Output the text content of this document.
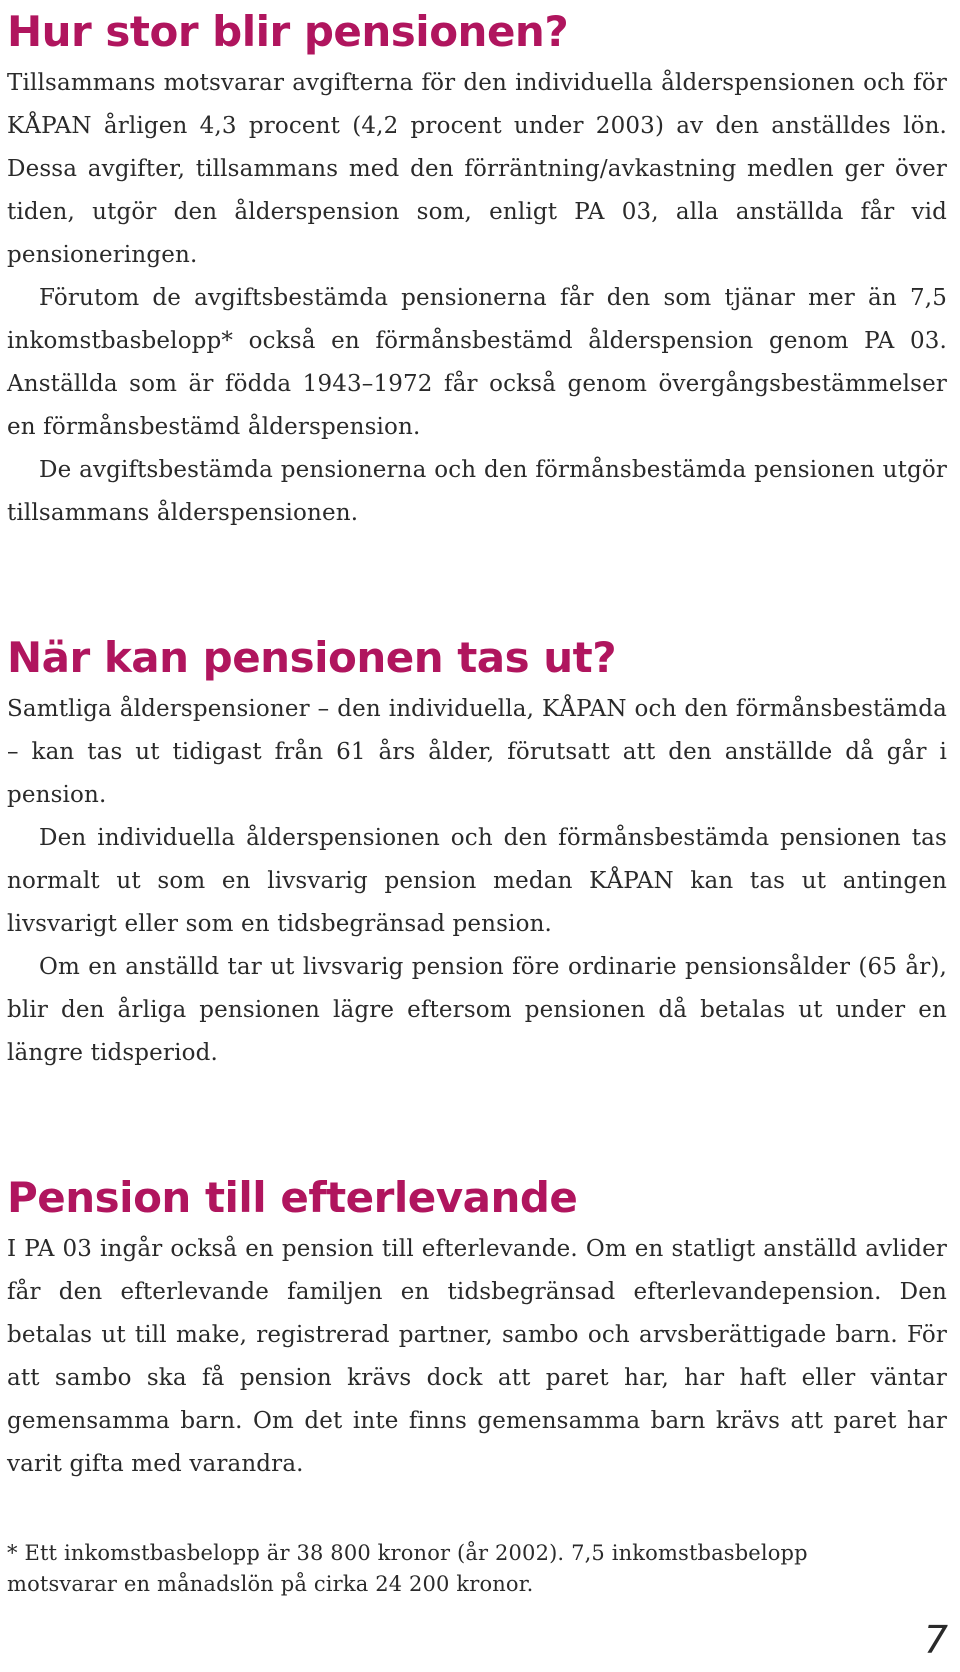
Hur stor blir pensionen?

Tillsammans motsvarar avgifterna för den individuella ålderspensionen och för KÅPAN årligen 4,3 procent (4,2 procent under 2003) av den anställdes lön. Dessa avgifter, tillsammans med den förräntning/avkastning medlen ger över tiden, utgör den ålderspension som, enligt PA 03, alla anställda får vid pensioneringen.

Förutom de avgiftsbestämda pensionerna får den som tjänar mer än 7,5 inkomstbasbelopp* också en förmånsbestämd ålderspension genom PA 03. Anställda som är födda 1943–1972 får också genom övergångsbestämmelser en förmånsbestämd ålderspension.

De avgiftsbestämda pensionerna och den förmånsbestämda pensionen utgör tillsammans ålderspensionen.

När kan pensionen tas ut?

Samtliga ålderspensioner – den individuella, KÅPAN och den förmånsbestämda – kan tas ut tidigast från 61 års ålder, förutsatt att den anställde då går i pension.

Den individuella ålderspensionen och den förmånsbestämda pensionen tas normalt ut som en livsvarig pension medan KÅPAN kan tas ut antingen livsvarigt eller som en tidsbegränsad pension.

Om en anställd tar ut livsvarig pension före ordinarie pensionsålder (65 år), blir den årliga pensionen lägre eftersom pensionen då betalas ut under en längre tidsperiod.

Pension till efterlevande

I PA 03 ingår också en pension till efterlevande. Om en statligt anställd avlider får den efterlevande familjen en tidsbegränsad efterlevandepension. Den betalas ut till make, registrerad partner, sambo och arvsberättigade barn. För att sambo ska få pension krävs dock att paret har, har haft eller väntar gemensamma barn. Om det inte finns gemensamma barn krävs att paret har varit gifta med varandra.

* Ett inkomstbasbelopp är 38 800 kronor (år 2002). 7,5 inkomstbasbelopp motsvarar en månadslön på cirka 24 200 kronor.

7
